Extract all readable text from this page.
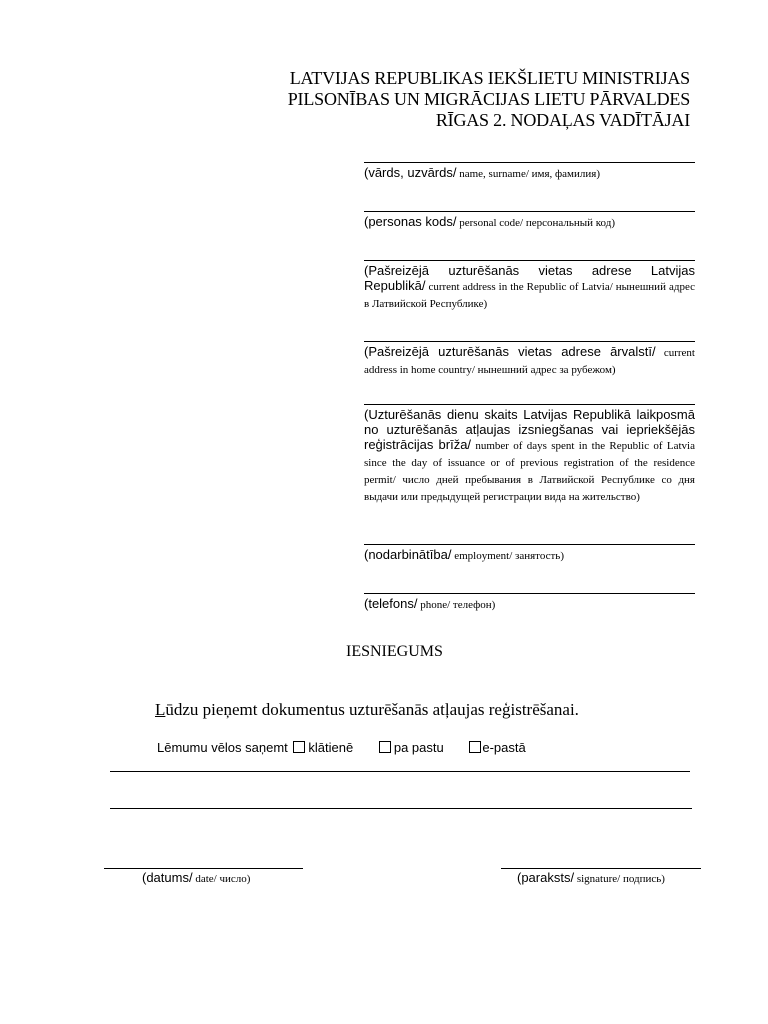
LATVIJAS REPUBLIKAS IEKŠLIETU MINISTRIJAS
PILSONĪBAS UN MIGRĀCIJAS LIETU PĀRVALDES
RĪGAS 2. NODAĻAS VADĪTĀJAI
(vārds, uzvārds/ name, surname/ имя, фамилия)
(personas kods/ personal code/ персональный код)
(Pašreizējā uzturēšanās vietas adrese Latvijas Republikā/ current address in the Republic of Latvia/ нынешний адрес в Латвийской Республике)
(Pašreizējā uzturēšanās vietas adrese ārvalstī/ current address in home country/ нынешний адрес за рубежом)
(Uzturēšanās dienu skaits Latvijas Republikā laikposmā no uzturēšanās atļaujas izsniegšanas vai iepriekšējās reģistrācijas brīža/ number of days spent in the Republic of Latvia since the day of issuance or of previous registration of the residence permit/ число дней пребывания в Латвийской Республике со дня выдачи или предыдущей регистрации вида на жительство)
(nodarbinātība/ employment/ занятость)
(telefons/ phone/ телефон)
IESNIEGUMS
Lūdzu pieņemt dokumentus uzturēšanās atļaujas reģistrēšanai.
Lēmumu vēlos saņemt klātienē	pa pastu	e-pastā
(datums/ date/ число)	(paraksts/ signature/ подпись)
